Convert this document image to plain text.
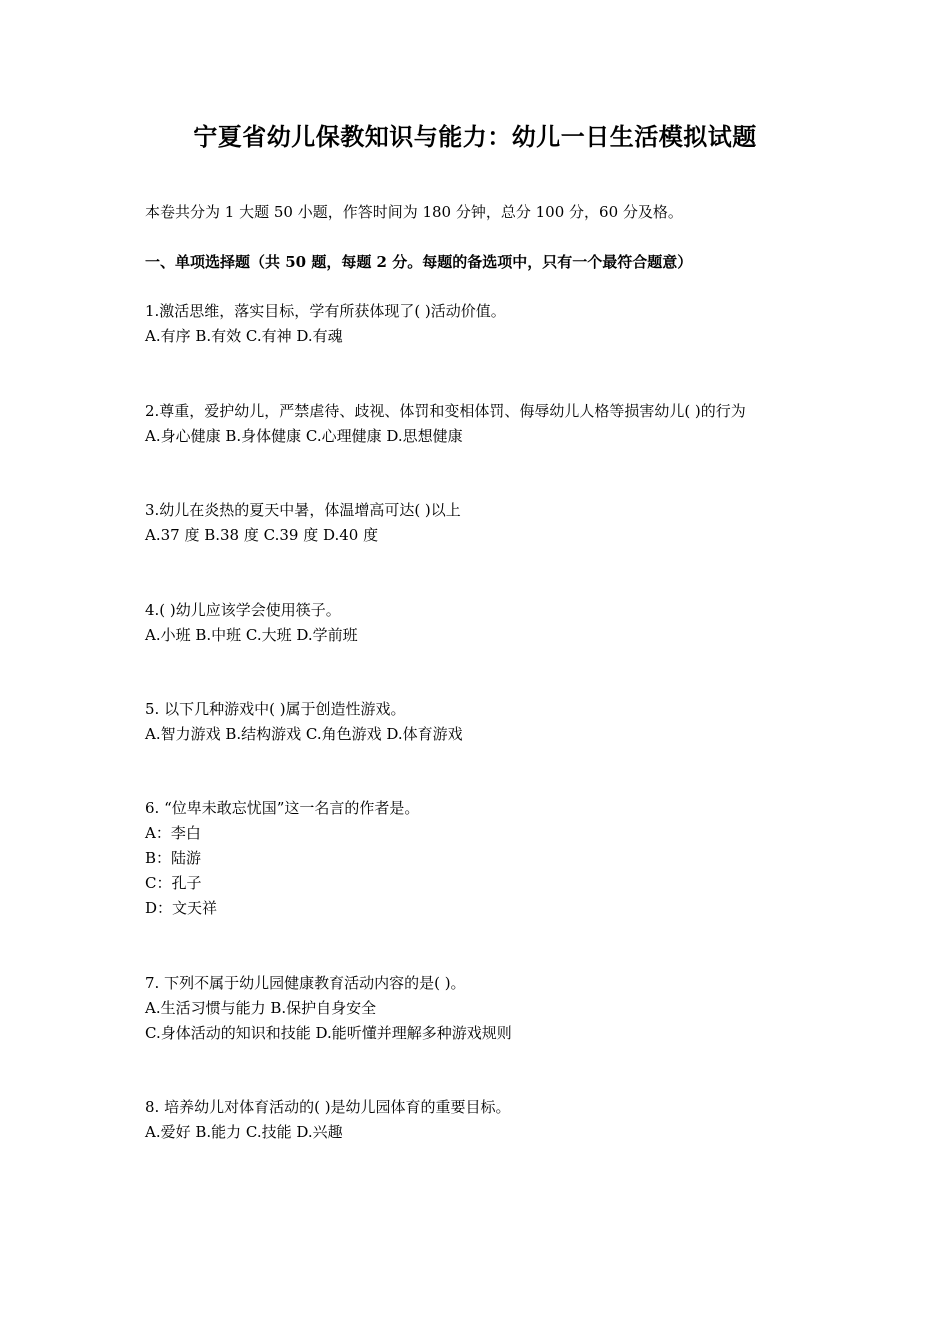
宁夏省幼儿保教知识与能力：幼儿一日生活模拟试题
本卷共分为 1 大题 50 小题，作答时间为 180 分钟，总分 100 分，60 分及格。
一、单项选择题（共 50 题，每题 2 分。每题的备选项中，只有一个最符合题意）
1.激活思维，落实目标，学有所获体现了( )活动价值。
A.有序 B.有效 C.有神 D.有魂
2.尊重，爱护幼儿，严禁虐待、歧视、体罚和变相体罚、侮辱幼儿人格等损害幼儿( )的行为
A.身心健康 B.身体健康 C.心理健康 D.思想健康
3.幼儿在炎热的夏天中暑，体温增高可达( )以上
A.37 度 B.38 度 C.39 度 D.40 度
4.( )幼儿应该学会使用筷子。
A.小班 B.中班 C.大班 D.学前班
5. 以下几种游戏中( )属于创造性游戏。
A.智力游戏 B.结构游戏 C.角色游戏 D.体育游戏
6. “位卑未敢忘忧国”这一名言的作者是。
A：李白
B：陆游
C：孔子
D：文天祥
7. 下列不属于幼儿园健康教育活动内容的是( )。
A.生活习惯与能力 B.保护自身安全
C.身体活动的知识和技能 D.能听懂并理解多种游戏规则
8. 培养幼儿对体育活动的( )是幼儿园体育的重要目标。
A.爱好 B.能力 C.技能 D.兴趣
